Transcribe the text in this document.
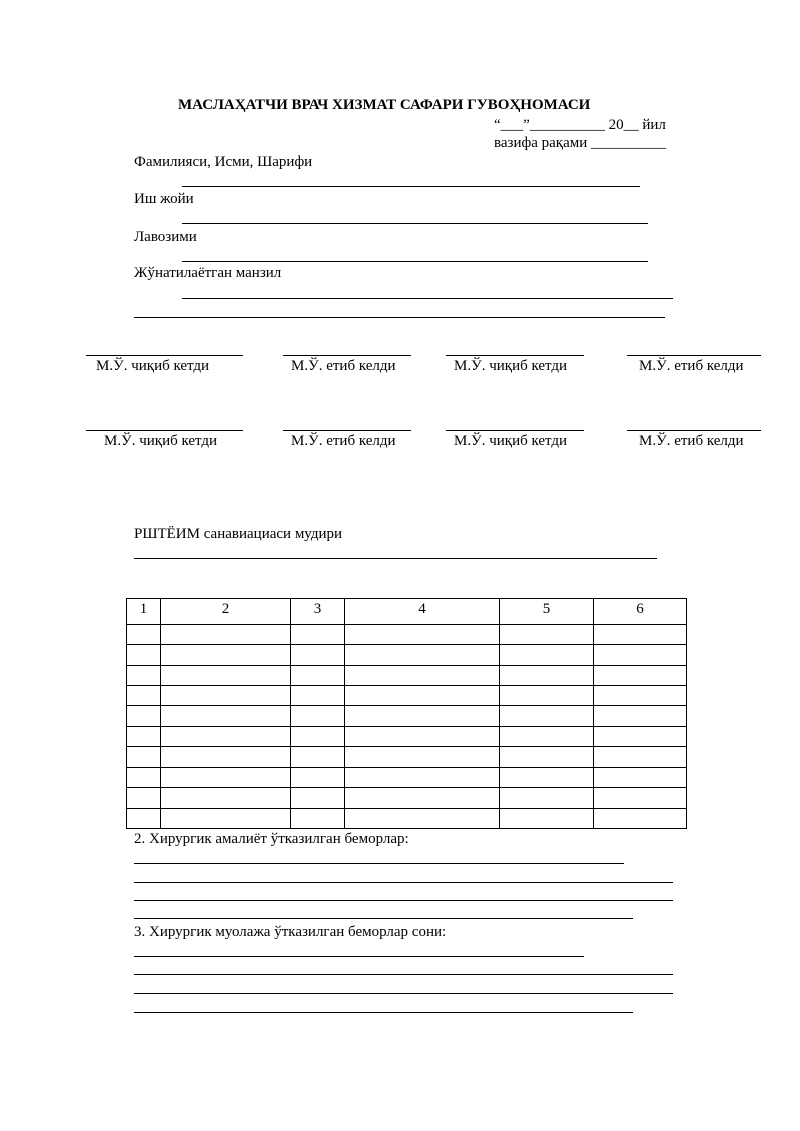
МАСЛАҲАТЧИ ВРАЧ ХИЗМАТ САФАРИ ГУВОҲНОМАСИ
“___”__________ 20__ йил
вазифа рақами __________
Фамилияси, Исми, Шарифи
Иш жойи
Лавозими
Жўнатилаётган манзил
М.Ў. чиқиб кетди	М.Ў. етиб келди	М.Ў. чиқиб кетди	М.Ў. етиб келди
М.Ў. чиқиб кетди	М.Ў. етиб келди	М.Ў. чиқиб кетди	М.Ў. етиб келди
РШТЁИМ санавиациаси мудири
1	2	3	4	5	6

2. Хирургик амалиёт ўтказилган беморлар:
3. Хирургик муолажа ўтказилган беморлар сони:
